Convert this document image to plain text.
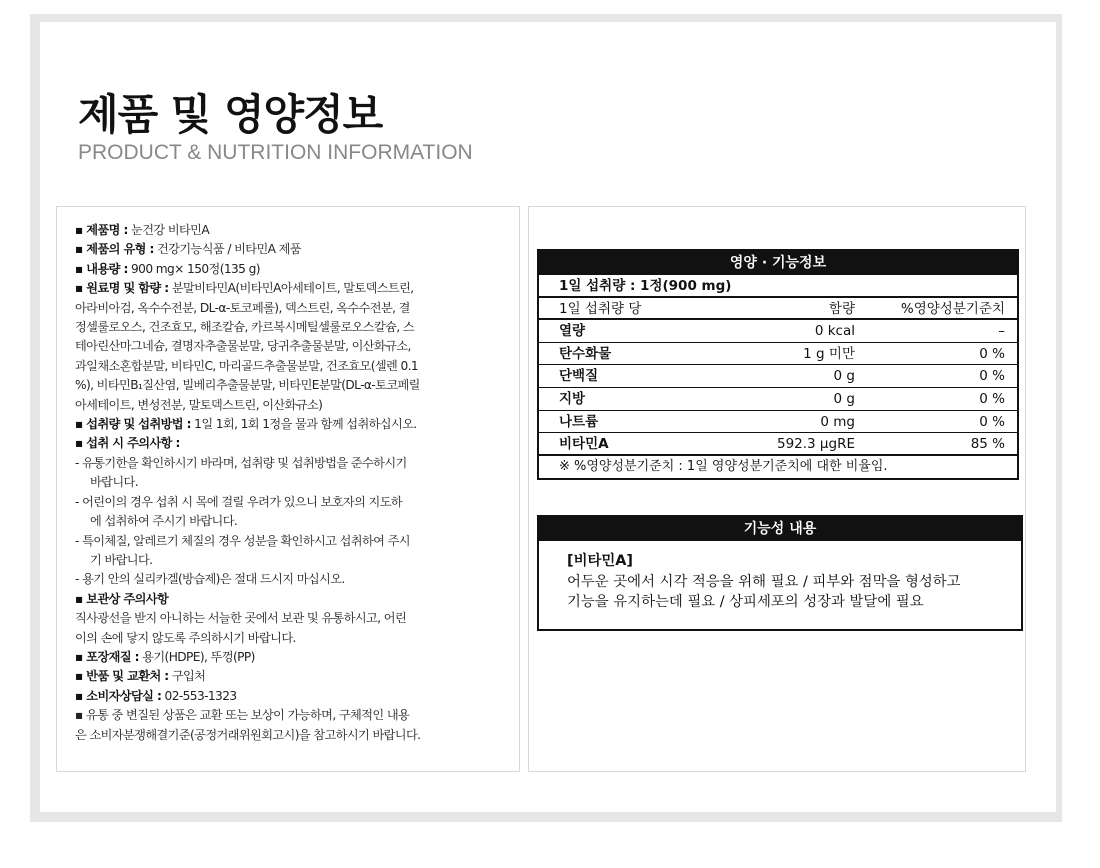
제품 및 영양정보
PRODUCT & NUTRITION INFORMATION
▪ 제품명 : 눈건강 비타민A
▪ 제품의 유형 : 건강기능식품 / 비타민A 제품
▪ 내용량 : 900 mg× 150정(135 g)
▪ 원료명 및 함량 : 분말비타민A(비타민A아세테이트, 말토덱스트린,
아라비아검, 옥수수전분, DL-α-토코페롤), 덱스트린, 옥수수전분, 결
정셀룰로오스, 건조효모, 해조칼슘, 카르복시메틸셀룰로오스칼슘, 스
테아린산마그네슘, 결명자추출물분말, 당귀추출물분말, 이산화규소,
과일채소혼합분말, 비타민C, 마리골드추출물분말, 건조효모(셀렌 0.1
%), 비타민B₁질산염, 빌베리추출물분말, 비타민E분말(DL-α-토코페릴
아세테이트, 변성전분, 말토덱스트린, 이산화규소)
▪ 섭취량 및 섭취방법 : 1일 1회, 1회 1정을 물과 함께 섭취하십시오.
▪ 섭취 시 주의사항 :
- 유통기한을 확인하시기 바라며, 섭취량 및 섭취방법을 준수하시기
바랍니다.
- 어린이의 경우 섭취 시 목에 걸릴 우려가 있으니 보호자의 지도하
에 섭취하여 주시기 바랍니다.
- 특이체질, 알레르기 체질의 경우 성분을 확인하시고 섭취하여 주시
기 바랍니다.
- 용기 안의 실리카겔(방습제)은 절대 드시지 마십시오.
▪ 보관상 주의사항
직사광선을 받지 아니하는 서늘한 곳에서 보관 및 유통하시고, 어린
이의 손에 닿지 않도록 주의하시기 바랍니다.
▪ 포장재질 : 용기(HDPE), 뚜껑(PP)
▪ 반품 및 교환처 : 구입처
▪ 소비자상담실 : 02-553-1323
▪ 유통 중 변질된 상품은 교환 또는 보상이 가능하며, 구체적인 내용
은 소비자분쟁해결기준(공정거래위원회고시)을 참고하시기 바랍니다.
영양 · 기능정보
1일 섭취량 : 1정(900 mg)
1일 섭취량 당	함량	%영양성분기준치
열량	0 kcal	–
탄수화물	1 g 미만	0 %
단백질	0 g	0 %
지방	0 g	0 %
나트륨	0 mg	0 %
비타민A	592.3 μgRE	85 %
※ %영양성분기준치 : 1일 영양성분기준치에 대한 비율임.
기능성 내용
[비타민A]
어두운 곳에서 시각 적응을 위해 필요 / 피부와 점막을 형성하고
기능을 유지하는데 필요 / 상피세포의 성장과 발달에 필요
